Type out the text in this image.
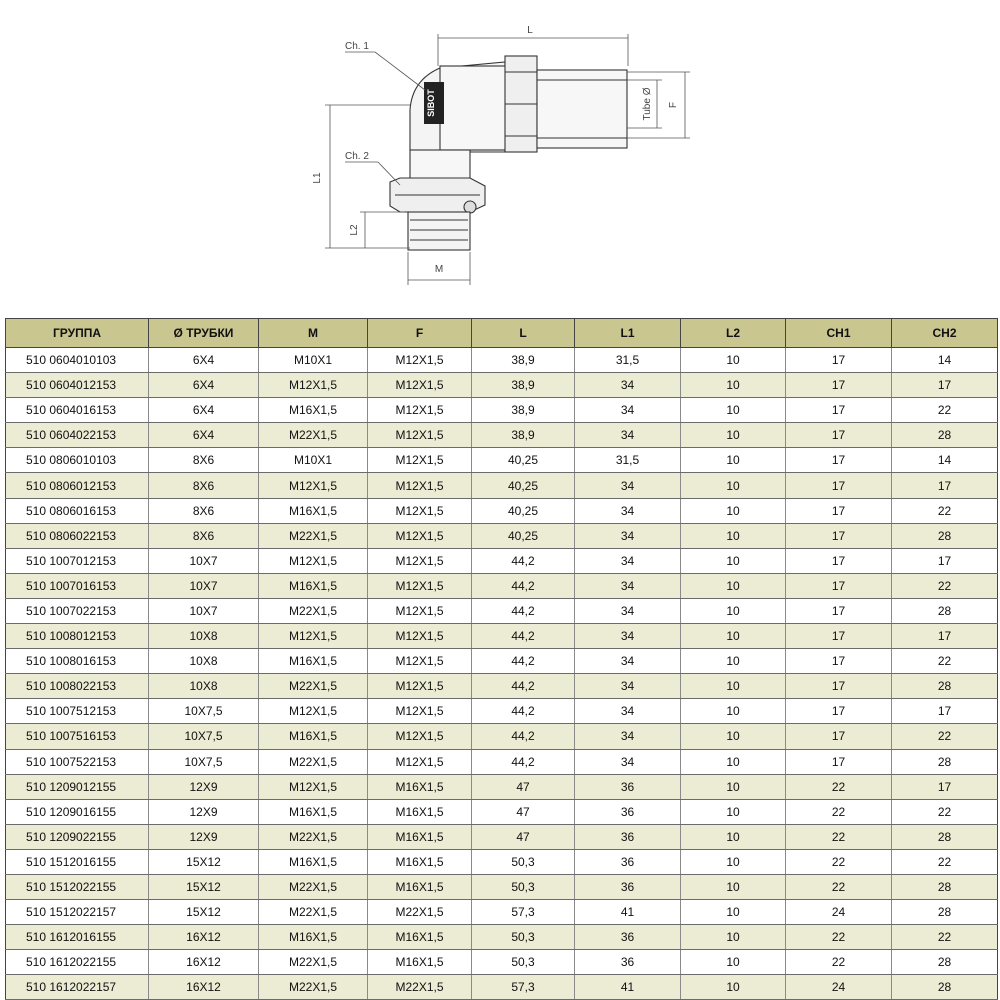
SIBOT
L
L1
L2
M
F
Tube Ø
Ch. 1
Ch. 2
ГРУППА	Ø ТРУБКИ	M	F	L	L1	L2	CH1	CH2
510 0604010103	6X4	M10X1	M12X1,5	38,9	31,5	10	17	14
510 0604012153	6X4	M12X1,5	M12X1,5	38,9	34	10	17	17
510 0604016153	6X4	M16X1,5	M12X1,5	38,9	34	10	17	22
510 0604022153	6X4	M22X1,5	M12X1,5	38,9	34	10	17	28
510 0806010103	8X6	M10X1	M12X1,5	40,25	31,5	10	17	14
510 0806012153	8X6	M12X1,5	M12X1,5	40,25	34	10	17	17
510 0806016153	8X6	M16X1,5	M12X1,5	40,25	34	10	17	22
510 0806022153	8X6	M22X1,5	M12X1,5	40,25	34	10	17	28
510 1007012153	10X7	M12X1,5	M12X1,5	44,2	34	10	17	17
510 1007016153	10X7	M16X1,5	M12X1,5	44,2	34	10	17	22
510 1007022153	10X7	M22X1,5	M12X1,5	44,2	34	10	17	28
510 1008012153	10X8	M12X1,5	M12X1,5	44,2	34	10	17	17
510 1008016153	10X8	M16X1,5	M12X1,5	44,2	34	10	17	22
510 1008022153	10X8	M22X1,5	M12X1,5	44,2	34	10	17	28
510 1007512153	10X7,5	M12X1,5	M12X1,5	44,2	34	10	17	17
510 1007516153	10X7,5	M16X1,5	M12X1,5	44,2	34	10	17	22
510 1007522153	10X7,5	M22X1,5	M12X1,5	44,2	34	10	17	28
510 1209012155	12X9	M12X1,5	M16X1,5	47	36	10	22	17
510 1209016155	12X9	M16X1,5	M16X1,5	47	36	10	22	22
510 1209022155	12X9	M22X1,5	M16X1,5	47	36	10	22	28
510 1512016155	15X12	M16X1,5	M16X1,5	50,3	36	10	22	22
510 1512022155	15X12	M22X1,5	M16X1,5	50,3	36	10	22	28
510 1512022157	15X12	M22X1,5	M22X1,5	57,3	41	10	24	28
510 1612016155	16X12	M16X1,5	M16X1,5	50,3	36	10	22	22
510 1612022155	16X12	M22X1,5	M16X1,5	50,3	36	10	22	28
510 1612022157	16X12	M22X1,5	M22X1,5	57,3	41	10	24	28
